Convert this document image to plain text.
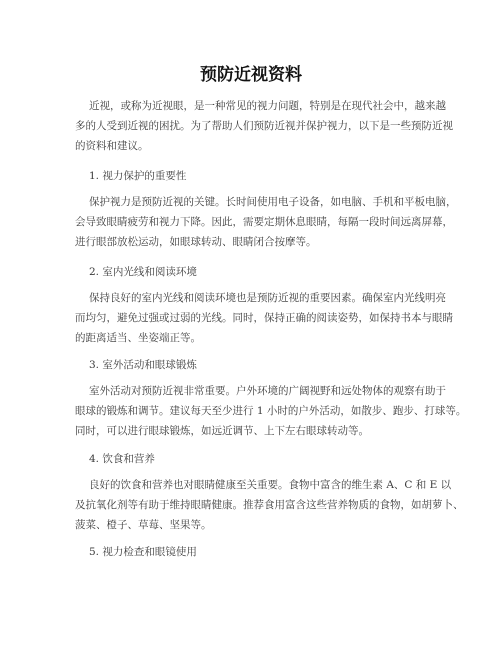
预防近视资料
近视，或称为近视眼，是一种常见的视力问题，特别是在现代社会中，越来越
多的人受到近视的困扰。为了帮助人们预防近视并保护视力，以下是一些预防近视
的资料和建议。
1. 视力保护的重要性
保护视力是预防近视的关键。长时间使用电子设备，如电脑、手机和平板电脑，
会导致眼睛疲劳和视力下降。因此，需要定期休息眼睛，每隔一段时间远离屏幕，
进行眼部放松运动，如眼球转动、眼睛闭合按摩等。
2. 室内光线和阅读环境
保持良好的室内光线和阅读环境也是预防近视的重要因素。确保室内光线明亮
而均匀，避免过强或过弱的光线。同时，保持正确的阅读姿势，如保持书本与眼睛
的距离适当、坐姿端正等。
3. 室外活动和眼球锻炼
室外活动对预防近视非常重要。户外环境的广阔视野和远处物体的观察有助于
眼球的锻炼和调节。建议每天至少进行 1 小时的户外活动，如散步、跑步、打球等。
同时，可以进行眼球锻炼，如远近调节、上下左右眼球转动等。
4. 饮食和营养
良好的饮食和营养也对眼睛健康至关重要。食物中富含的维生素 A、C 和 E 以
及抗氧化剂等有助于维持眼睛健康。推荐食用富含这些营养物质的食物，如胡萝卜、
菠菜、橙子、草莓、坚果等。
5. 视力检查和眼镜使用
